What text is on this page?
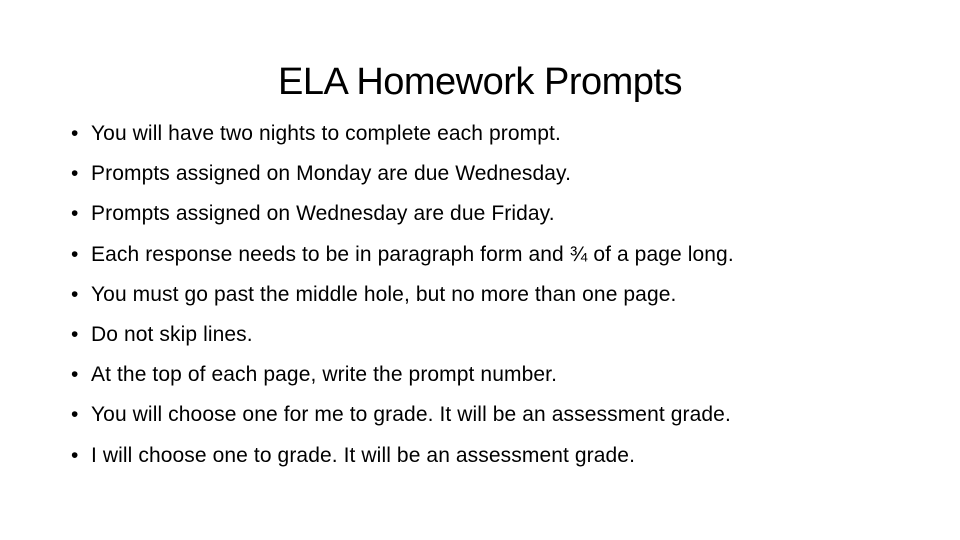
ELA Homework Prompts
• You will have two nights to complete each prompt.
• Prompts assigned on Monday are due Wednesday.
• Prompts assigned on Wednesday are due Friday.
• Each response needs to be in paragraph form and ¾ of a page long.
• You must go past the middle hole, but no more than one page.
• Do not skip lines.
• At the top of each page, write the prompt number.
• You will choose one for me to grade. It will be an assessment grade.
• I will choose one to grade. It will be an assessment grade.
